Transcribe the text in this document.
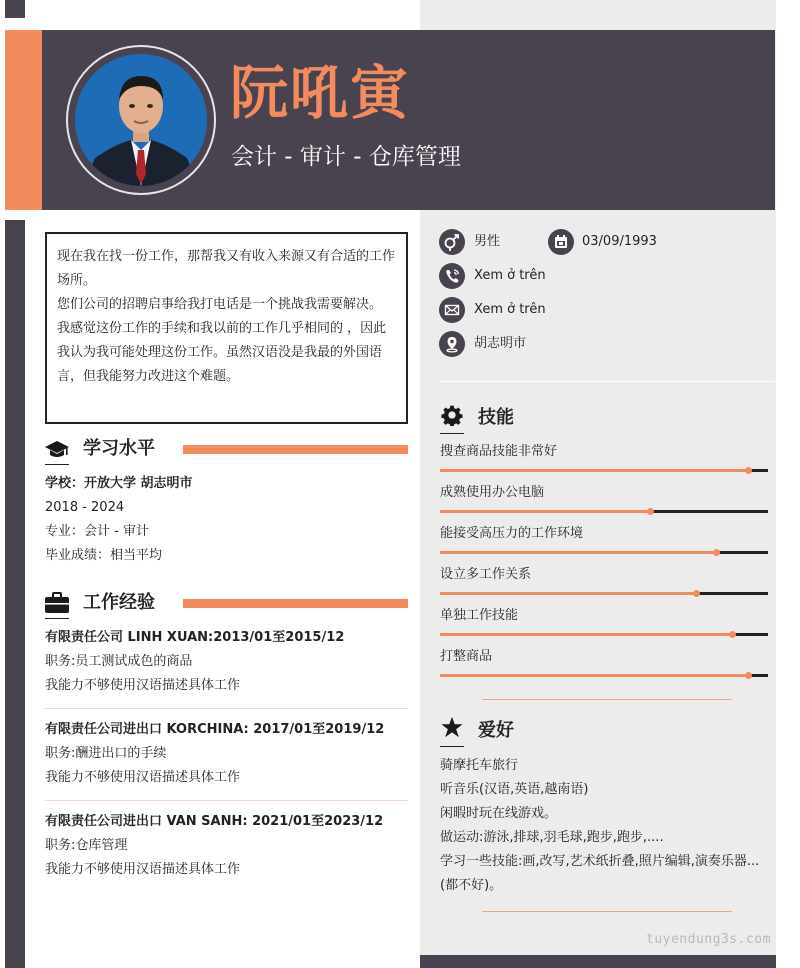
阮吼寅
会计 - 审计 - 仓库管理

现在我在找一份工作，那帮我又有收入来源又有合适的工作场所。

您们公司的招聘启事给我打电话是一个挑战我需要解决。

我感觉这份工作的手续和我以前的工作几乎相同的 ，因此我认为我可能处理这份工作。虽然汉语没是我最的外国语言，但我能努力改进这个难题。

学习水平
学校：开放大学 胡志明市
2018 - 2024
专业：会计 - 审计
毕业成绩：相当平均
工作经验
有限责任公司 LINH XUAN:2013/01至2015/12
职务:员工测试成色的商品
我能力不够使用汉语描述具体工作
有限责任公司进出口 KORCHINA: 2017/01至2019/12
职务:酬进出口的手续
我能力不够使用汉语描述具体工作
有限责任公司进出口 VAN SANH: 2021/01至2023/12
职务:仓库管理
我能力不够使用汉语描述具体工作
男性	03/09/1993
Xem ở trên
Xem ở trên
胡志明市
技能
搜查商品技能非常好
成熟使用办公电脑
能接受高压力的工作环境
设立多工作关系
单独工作技能
打整商品
爱好
骑摩托车旅行
听音乐(汉语,英语,越南语)
闲暇时玩在线游戏。
做运动:游泳,排球,羽毛球,跑步,跑步,....
学习一些技能:画,改写,艺术纸折叠,照片编辑,演奏乐器...
(都不好)。
tuyendung3s.com
